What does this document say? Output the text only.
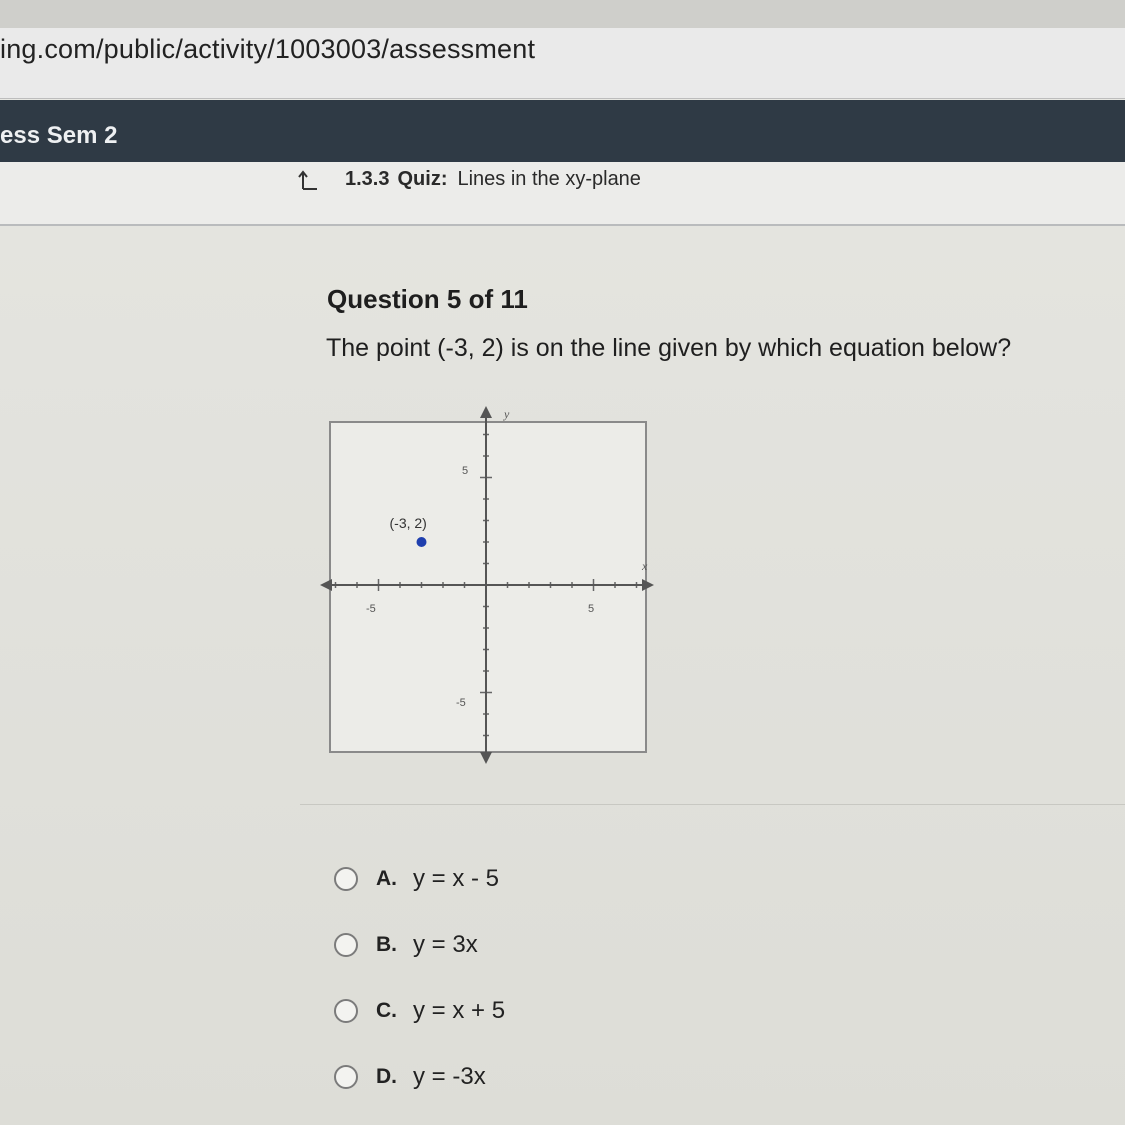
ing.com/public/activity/1003003/assessment
ess Sem 2
1.3.3 Quiz: Lines in the xy-plane
Question 5 of 11
The point (-3, 2) is on the line given by which equation below?
y
x
-5	5
5
-5
(-3, 2)
A. y = x - 5
B. y = 3x
C. y = x + 5
D. y = -3x
